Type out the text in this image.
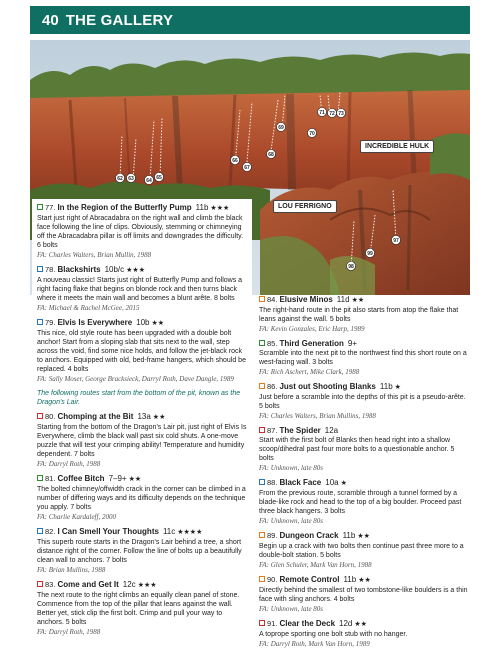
40 THE GALLERY
62 63 64 65
66
67
68
69
70
71 72 73
97
99
98
INCREDIBLE HULK
LOU FERRIGNO
77. In the Region of the Butterfly Pump 11b ★★★
Start just right of Abracadabra on the right wall and climb the black face following the line of clips. Obviously, stemming or chimneying off the Abracadabra pillar is off limits and downgrades the difficulty. 6 bolts
FA: Charles Walters, Brian Mullin, 1988
78. Blackshirts 10b/c ★★★
A nouveau classic! Starts just right of Butterfly Pump and follows a right facing flake that begins on blonde rock and then turns black where it meets the main wall and becomes a blunt arête. 8 bolts
FA: Michael & Rachel McGee, 2015
79. Elvis Is Everywhere 10b ★★
This nice, old style route has been upgraded with a double bolt anchor! Start from a sloping slab that sits next to the wall, step across the void, find some nice holds, and follow the jet-black rock to anchors. Equipped with old, bed-frame hangers, which should be replaced. 4 bolts
FA: Sally Moser, George Bracksieck, Darryl Roth, Dave Dangle, 1989
The following routes start from the bottom of the pit, known as the Dragon's Lair.
80. Chomping at the Bit 13a ★★
Starting from the bottom of the Dragon's Lair pit, just right of Elvis Is Everywhere, climb the black wall past six cold shuts. A one-move puzzle that will test your crimping ability! Temperature and humidity dependent. 7 bolts
FA: Darryl Roth, 1988
81. Coffee Bitch 7–9+ ★★
The bolted chimney/offwidth crack in the corner can be climbed in a number of differing ways and its difficulty depends on the technique you apply. 7 bolts
FA: Charlie Kardaleff, 2000
82. I Can Smell Your Thoughts 11c ★★★★
This superb route starts in the Dragon's Lair behind a tree, a short distance right of the corner. Follow the line of bolts up a beautifully clean wall to anchors. 7 bolts
FA: Brian Mullins, 1988
83. Come and Get It 12c ★★★
The next route to the right climbs an equally clean panel of stone. Commence from the top of the pillar that leans against the wall. Better yet, stick clip the first bolt. Crimp and pull your way to anchors. 5 bolts
FA: Darryl Roth, 1988
84. Elusive Minos 11d ★★
The right-hand route in the pit also starts from atop the flake that leans against the wall. 5 bolts
FA: Kevin Gonzales, Eric Harp, 1989
85. Third Generation 9+
Scramble into the next pit to the northwest find this short route on a west-facing wall. 3 bolts
FA: Rich Aschert, Mike Clark, 1988
86. Just out Shooting Blanks 11b ★
Just before a scramble into the depths of this pit is a pseudo-arête. 5 bolts
FA: Charles Walters, Brian Mullins, 1988
87. The Spider 12a
Start with the first bolt of Blanks then head right into a shallow scoop/dihedral past four more bolts to a questionable anchor. 5 bolts
FA: Unknown, late 80s
88. Black Face 10a ★
From the previous route, scramble through a tunnel formed by a blade-like rock and head to the top of a big boulder. Proceed past three black hangers. 3 bolts
FA: Unknown, late 80s
89. Dungeon Crack 11b ★★
Begin up a crack with two bolts then continue past three more to a double-bolt station. 5 bolts
FA: Glen Schuler, Mark Van Horn, 1988
90. Remote Control 11b ★★
Directly behind the smallest of two tombstone-like boulders is a thin face with sling anchors. 4 bolts
FA: Unknown, late 80s
91. Clear the Deck 12d ★★
A toprope sporting one bolt stub with no hanger.
FA: Darryl Roth, Mark Van Horn, 1989
